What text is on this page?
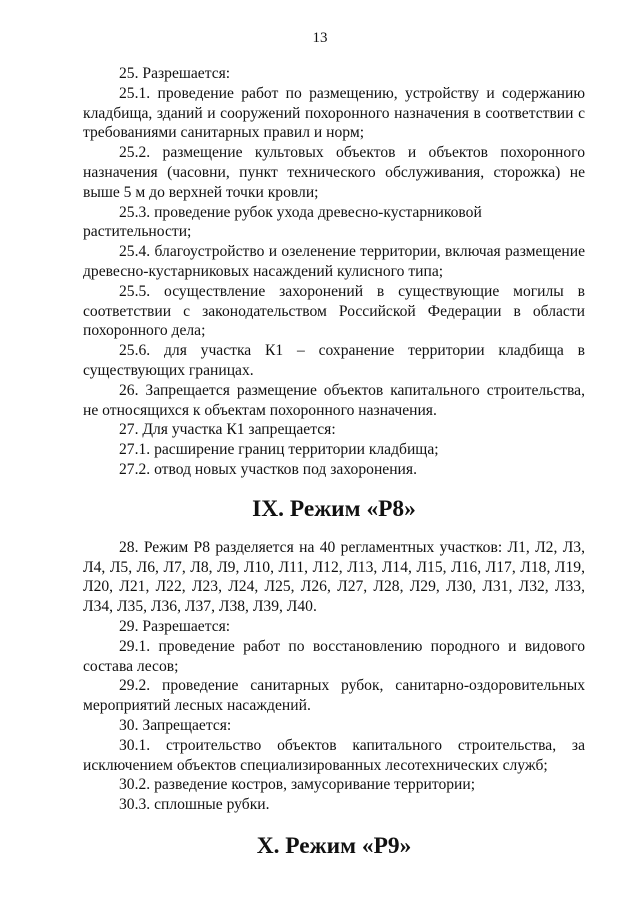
13

25. Разрешается:

25.1. проведение работ по размещению, устройству и содержанию кладбища, зданий и сооружений похоронного назначения в соответствии с требованиями санитарных правил и норм;

25.2. размещение культовых объектов и объектов похоронного назначения (часовни, пункт технического обслуживания, сторожка) не выше 5 м до верхней точки кровли;

25.3. проведение рубок ухода древесно-кустарниковой растительности;

25.4. благоустройство и озеленение территории, включая размещение древесно-кустарниковых насаждений кулисного типа;

25.5. осуществление захоронений в существующие могилы в соответствии с законодательством Российской Федерации в области похоронного дела;

25.6. для участка К1 – сохранение территории кладбища в существующих границах.

26. Запрещается размещение объектов капитального строительства, не относящихся к объектам похоронного назначения.

27. Для участка К1 запрещается:

27.1. расширение границ территории кладбища;

27.2. отвод новых участков под захоронения.

IX. Режим «Р8»

28. Режим Р8 разделяется на 40 регламентных участков: Л1, Л2, Л3, Л4, Л5, Л6, Л7, Л8, Л9, Л10, Л11, Л12, Л13, Л14, Л15, Л16, Л17, Л18, Л19, Л20, Л21, Л22, Л23, Л24, Л25, Л26, Л27, Л28, Л29, Л30, Л31, Л32, Л33, Л34, Л35, Л36, Л37, Л38, Л39, Л40.

29. Разрешается:

29.1. проведение работ по восстановлению породного и видового состава лесов;

29.2. проведение санитарных рубок, санитарно-оздоровительных мероприятий лесных насаждений.

30. Запрещается:

30.1. строительство объектов капитального строительства, за исключением объектов специализированных лесотехнических служб;

30.2. разведение костров, замусоривание территории;

30.3. сплошные рубки.

X. Режим «Р9»
